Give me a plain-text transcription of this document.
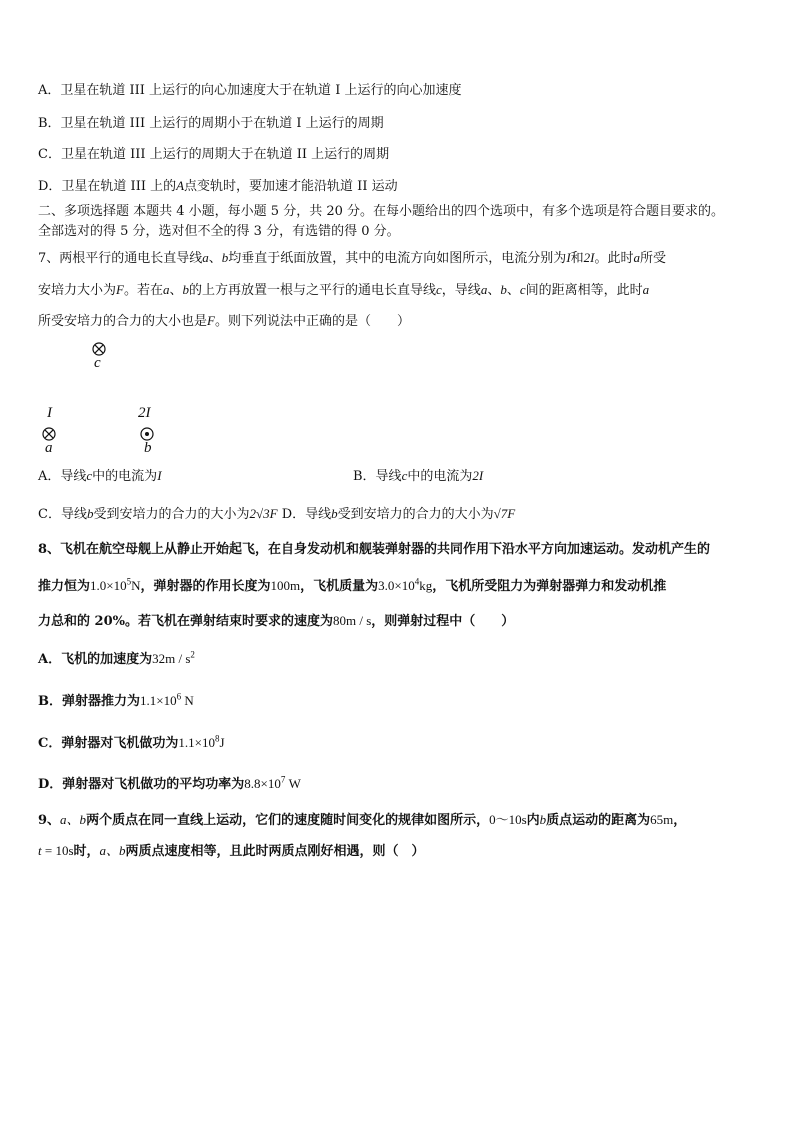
A．卫星在轨道 III 上运行的向心加速度大于在轨道 I 上运行的向心加速度
B．卫星在轨道 III 上运行的周期小于在轨道 I 上运行的周期
C．卫星在轨道 III 上运行的周期大于在轨道 II 上运行的周期
D．卫星在轨道 III 上的A点变轨时，要加速才能沿轨道 II 运动
二、多项选择题 本题共 4 小题，每小题 5 分，共 20 分。在每小题给出的四个选项中，有多个选项是符合题目要求的。
全部选对的得 5 分，选对但不全的得 3 分，有选错的得 0 分。
7、两根平行的通电长直导线a、b均垂直于纸面放置，其中的电流方向如图所示，电流分别为I和2I。此时a所受
安培力大小为F。若在a、b的上方再放置一根与之平行的通电长直导线c，导线a、b、c间的距离相等，此时a
所受安培力的合力的大小也是F。则下列说法中正确的是（　　）
c
I
a
2I
b
A．导线c中的电流为I	B．导线c中的电流为2I
C．导线b受到安培力的合力的大小为2√3F D．导线b受到安培力的合力的大小为√7F
8、飞机在航空母舰上从静止开始起飞，在自身发动机和舰装弹射器的共同作用下沿水平方向加速运动。发动机产生的
推力恒为$1.0\times 10^5N$，弹射器的作用长度为100m，飞机质量为$3.0\times 10^4kg$，飞机所受阻力为弹射器弹力和发动机推
力总和的 20%。若飞机在弹射结束时要求的速度为80m / s，则弹射过程中（　　）
A．飞机的加速度为$32m / s^2$
B．弹射器推力为$1.1\times 10^6$ N
C．弹射器对飞机做功为$1.1\times 10^8J$
D．弹射器对飞机做功的平均功率为$8.8\times 10^7$ W
9、a、b两个质点在同一直线上运动，它们的速度随时间变化的规律如图所示，0～10s内b质点运动的距离为65m，
t = 10s时，a、b两质点速度相等，且此时两质点刚好相遇，则（　）
